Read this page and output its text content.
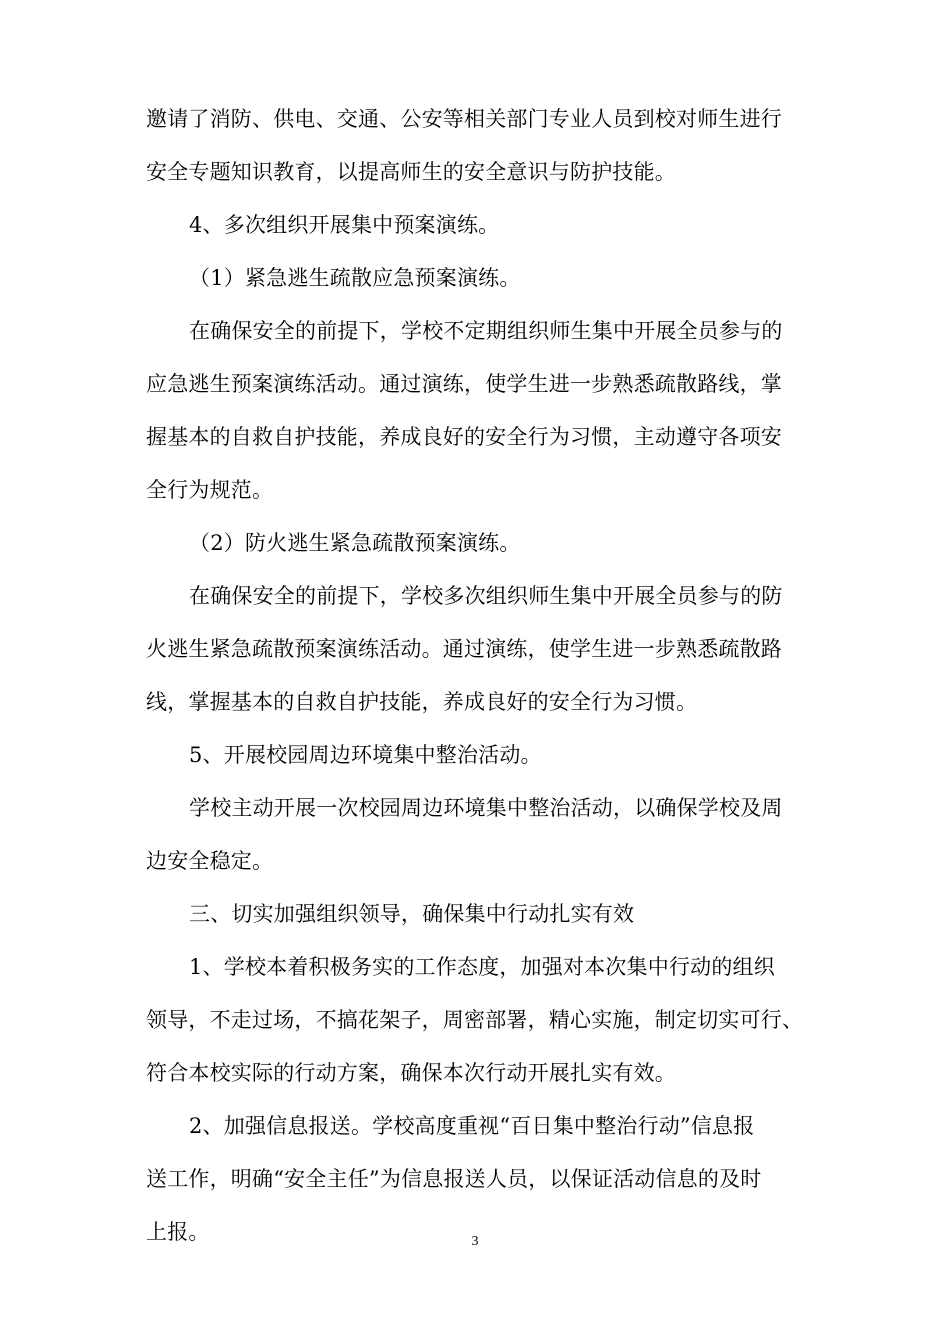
邀请了消防、供电、交通、公安等相关部门专业人员到校对师生进行
安全专题知识教育，以提高师生的安全意识与防护技能。
4、多次组织开展集中预案演练。
（1）紧急逃生疏散应急预案演练。
在确保安全的前提下，学校不定期组织师生集中开展全员参与的
应急逃生预案演练活动。通过演练，使学生进一步熟悉疏散路线，掌
握基本的自救自护技能，养成良好的安全行为习惯，主动遵守各项安
全行为规范。
（2）防火逃生紧急疏散预案演练。
在确保安全的前提下，学校多次组织师生集中开展全员参与的防
火逃生紧急疏散预案演练活动。通过演练，使学生进一步熟悉疏散路
线，掌握基本的自救自护技能，养成良好的安全行为习惯。
5、开展校园周边环境集中整治活动。
学校主动开展一次校园周边环境集中整治活动，以确保学校及周
边安全稳定。
三、切实加强组织领导，确保集中行动扎实有效
1、学校本着积极务实的工作态度，加强对本次集中行动的组织
领导，不走过场，不搞花架子，周密部署，精心实施，制定切实可行、
符合本校实际的行动方案，确保本次行动开展扎实有效。
2、加强信息报送。学校高度重视“百日集中整治行动”信息报
送工作，明确“安全主任”为信息报送人员，以保证活动信息的及时
上报。	3
